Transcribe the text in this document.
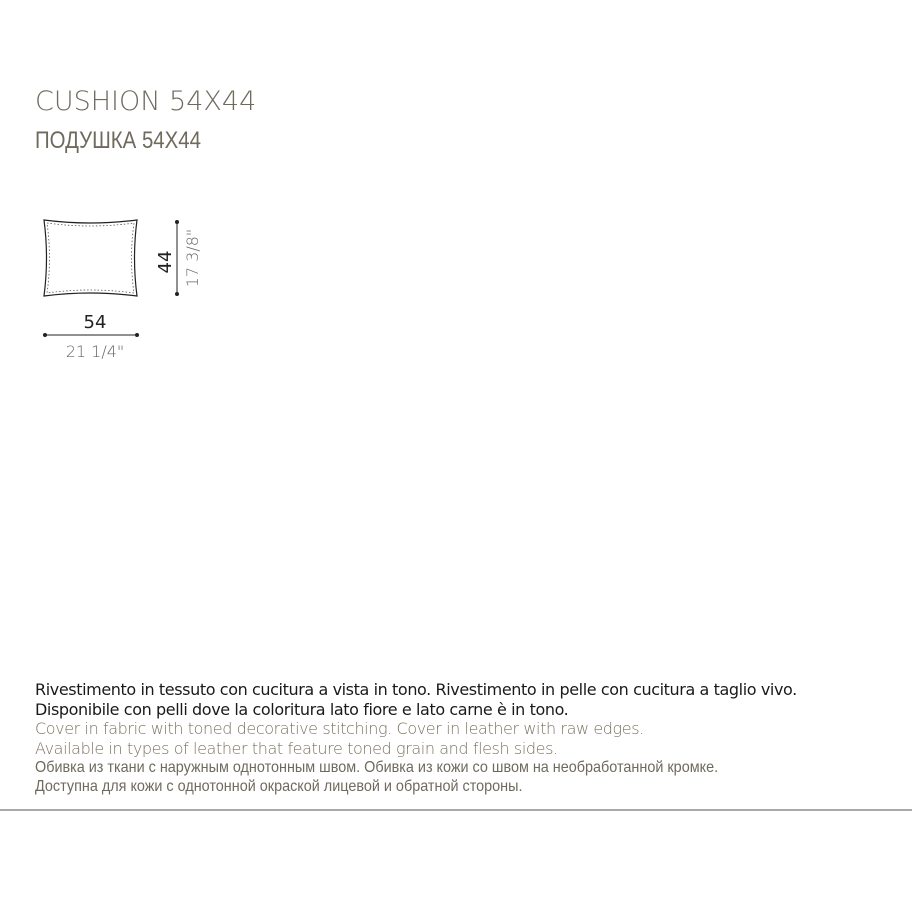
CUSHION 54X44
ПОДУШКА 54X44
44 17 3/8"
54
21 1/4"
Rivestimento in tessuto con cucitura a vista in tono. Rivestimento in pelle con cucitura a taglio vivo.
Disponibile con pelli dove la coloritura lato fiore e lato carne è in tono.
Cover in fabric with toned decorative stitching. Cover in leather with raw edges.
Available in types of leather that feature toned grain and flesh sides.
Обивка из ткани с наружным однотонным швом. Обивка из кожи со швом на необработанной кромке.
Доступна для кожи с однотонной окраской лицевой и обратной стороны.
